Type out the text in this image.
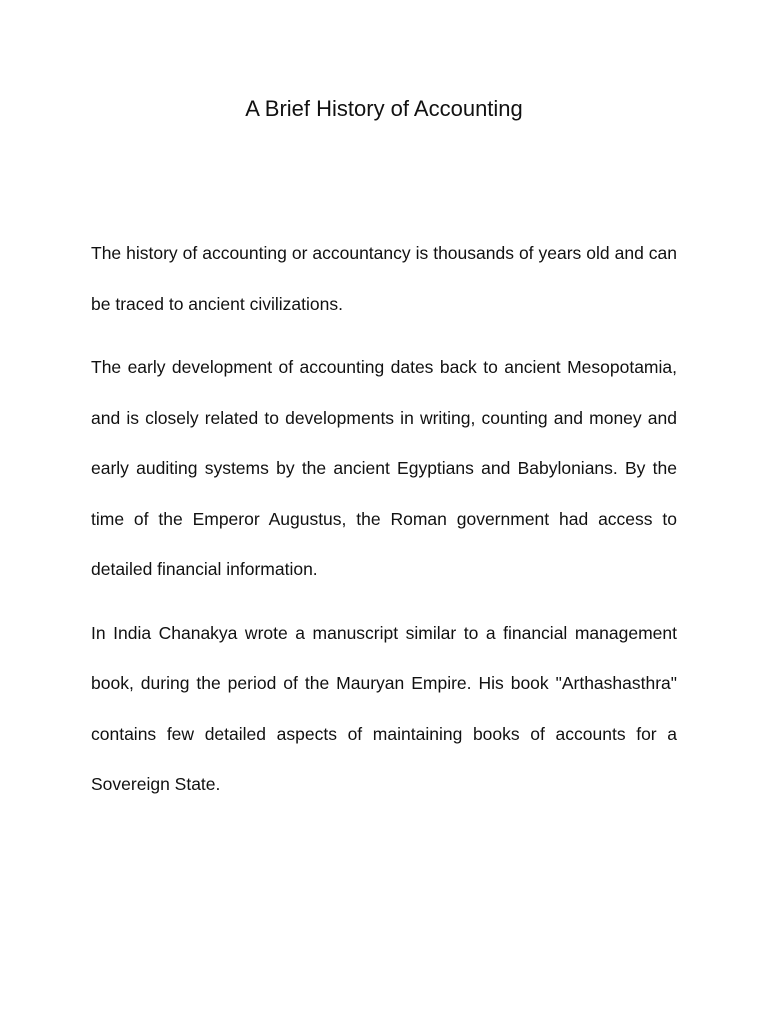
A Brief History of Accounting

The history of accounting or accountancy is thousands of years old and can be traced to ancient civilizations.

The early development of accounting dates back to ancient Mesopotamia, and is closely related to developments in writing, counting and money and early auditing systems by the ancient Egyptians and Babylonians. By the time of the Emperor Augustus, the Roman government had access to detailed financial information.

In India Chanakya wrote a manuscript similar to a financial management book, during the period of the Mauryan Empire. His book "Arthashasthra" contains few detailed aspects of maintaining books of accounts for a Sovereign State.
